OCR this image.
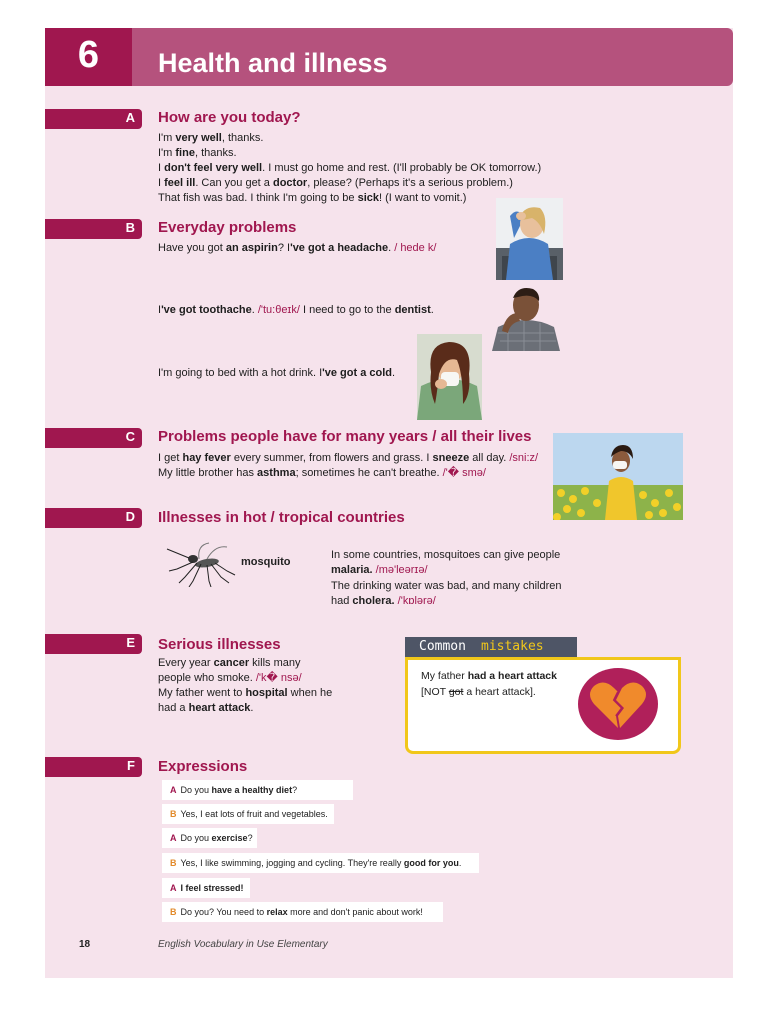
6	Health and illness
A How are you today?
I'm very well, thanks.
I'm fine, thanks.
I don't feel very well. I must go home and rest. (I'll probably be OK tomorrow.)
I feel ill. Can you get a doctor, please? (Perhaps it's a serious problem.)
That fish was bad. I think I'm going to be sick! (I want to vomit.)
B Everyday problems
Have you got an aspirin? I've got a headache. / hede k/
I've got toothache. /'tu:θeɪk/ I need to go to the dentist.
I'm going to bed with a hot drink. I've got a cold.
C Problems people have for many years / all their lives
I get hay fever every summer, from flowers and grass. I sneeze all day. /sni:z/
My little brother has asthma; sometimes he can't breathe. /'� smə/
D Illnesses in hot / tropical countries
mosquito
In some countries, mosquitoes can give people
malaria. /mə'leərɪə/
The drinking water was bad, and many children
had cholera. /'kɒlərə/
E Serious illnesses
Every year cancer kills many
people who smoke. /'k� nsə/
My father went to hospital when he
had a heart attack.
Common mistakes
My father had a heart attack
[NOT got a heart attack].
F Expressions
A Do you have a healthy diet?
B Yes, I eat lots of fruit and vegetables.
A Do you exercise?
B Yes, I like swimming, jogging and cycling. They're really good for you.
A I feel stressed!
B Do you? You need to relax more and don't panic about work!
18	English Vocabulary in Use Elementary
